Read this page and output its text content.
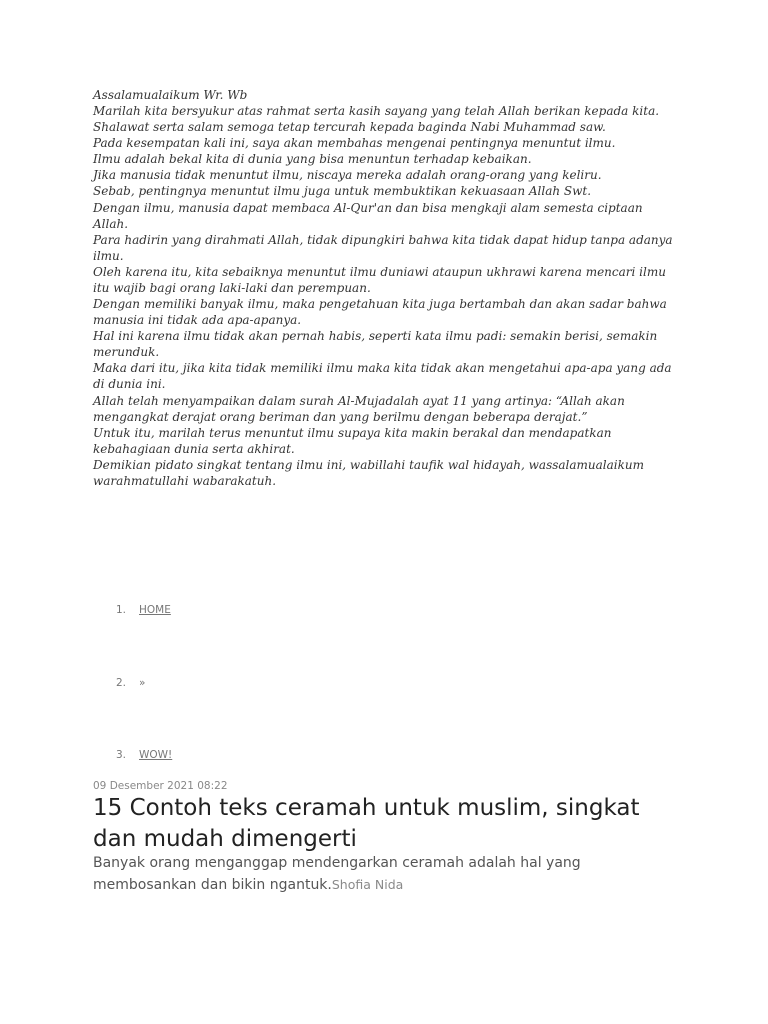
Assalamualaikum Wr. Wb

Marilah kita bersyukur atas rahmat serta kasih sayang yang telah Allah berikan kepada kita.

Shalawat serta salam semoga tetap tercurah kepada baginda Nabi Muhammad saw.

Pada kesempatan kali ini, saya akan membahas mengenai pentingnya menuntut ilmu.

Ilmu adalah bekal kita di dunia yang bisa menuntun terhadap kebaikan.

Jika manusia tidak menuntut ilmu, niscaya mereka adalah orang-orang yang keliru.

Sebab, pentingnya menuntut ilmu juga untuk membuktikan kekuasaan Allah Swt.

Dengan ilmu, manusia dapat membaca Al-Qur'an dan bisa mengkaji alam semesta ciptaan Allah.

Para hadirin yang dirahmati Allah, tidak dipungkiri bahwa kita tidak dapat hidup tanpa adanya ilmu.

Oleh karena itu, kita sebaiknya menuntut ilmu duniawi ataupun ukhrawi karena mencari ilmu itu wajib bagi orang laki-laki dan perempuan.

Dengan memiliki banyak ilmu, maka pengetahuan kita juga bertambah dan akan sadar bahwa manusia ini tidak ada apa-apanya.

Hal ini karena ilmu tidak akan pernah habis, seperti kata ilmu padi: semakin berisi, semakin merunduk.

Maka dari itu, jika kita tidak memiliki ilmu maka kita tidak akan mengetahui apa-apa yang ada di dunia ini.

Allah telah menyampaikan dalam surah Al-Mujadalah ayat 11 yang artinya: “Allah akan mengangkat derajat orang beriman dan yang berilmu dengan beberapa derajat.”

Untuk itu, marilah terus menuntut ilmu supaya kita makin berakal dan mendapatkan kebahagiaan dunia serta akhirat.

Demikian pidato singkat tentang ilmu ini, wabillahi taufik wal hidayah, wassalamualaikum warahmatullahi wabarakatuh.

1. HOME
2. »
3. WOW!
09 Desember 2021 08:22
15 Contoh teks ceramah untuk muslim, singkat dan mudah dimengerti
Banyak orang menganggap mendengarkan ceramah adalah hal yang membosankan dan bikin ngantuk.Shofia Nida
